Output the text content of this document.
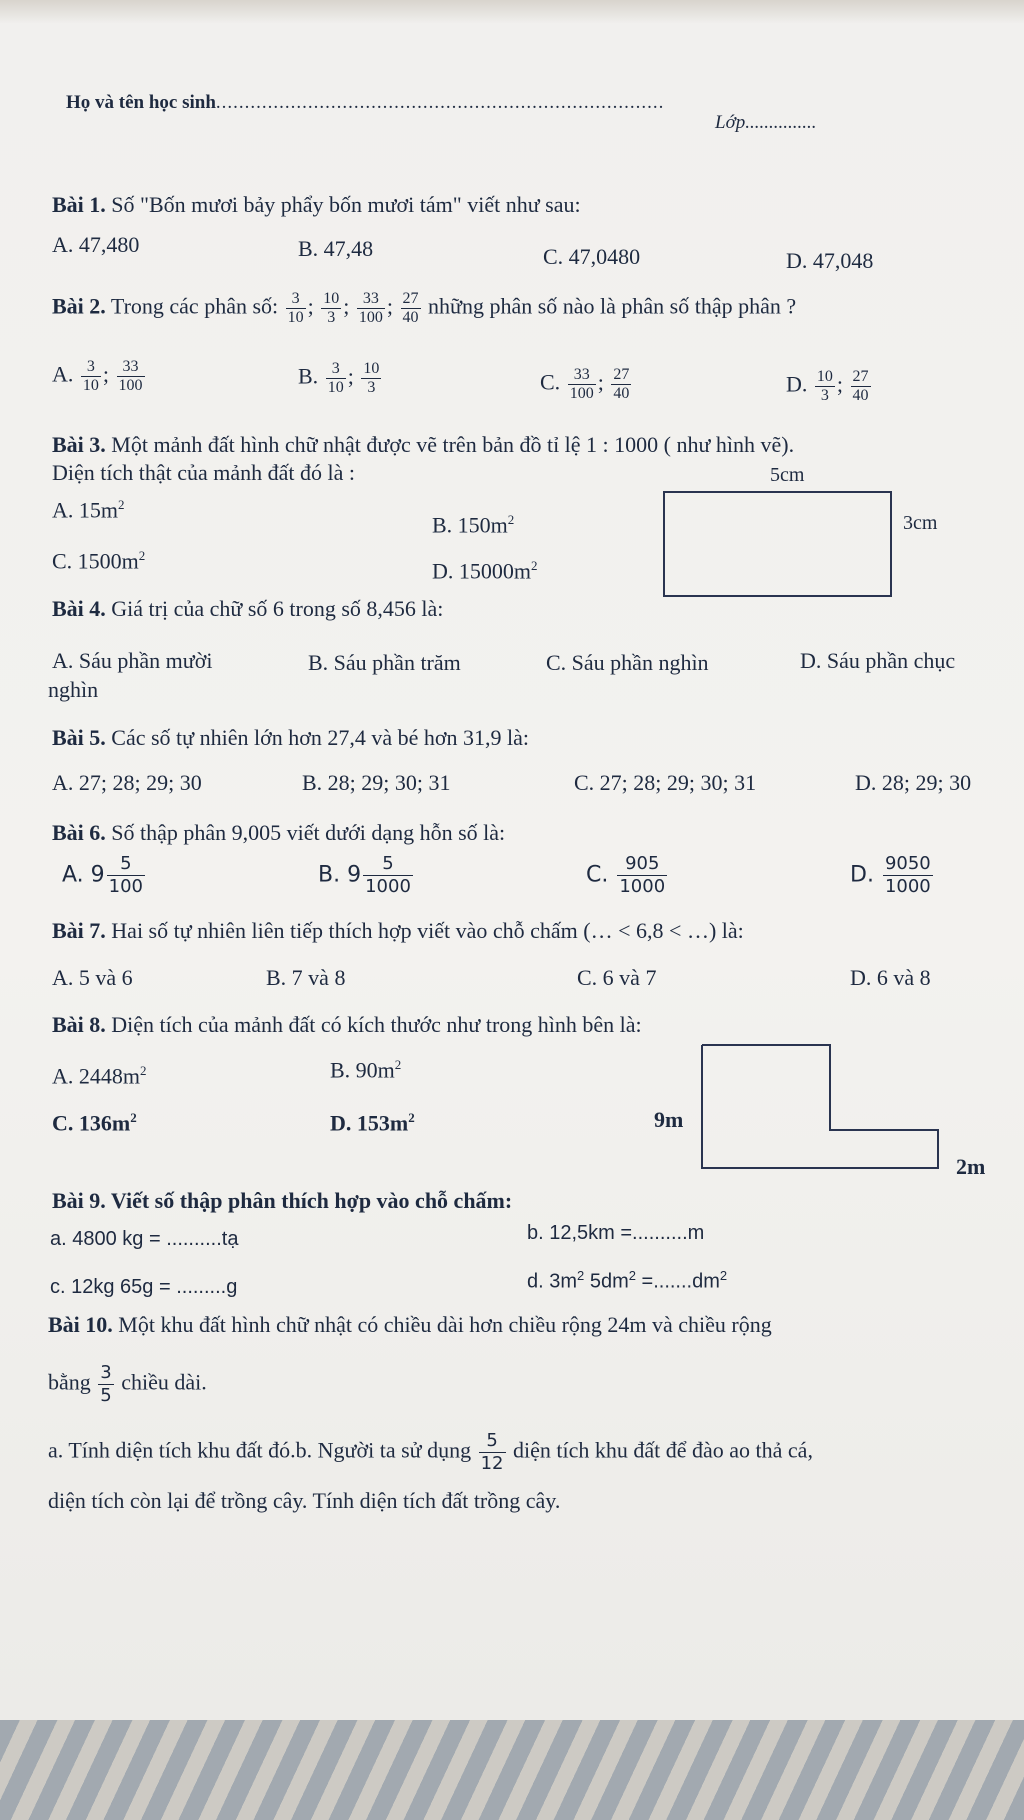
Họ và tên học sinh..............................................................................
Lớp...............
Bài 1. Số "Bốn mươi bảy phẩy bốn mươi tám" viết như sau:
A. 47,480	B. 47,48	C. 47,0480	D. 47,048
Bài 2. Trong các phân số: $\frac{3}{10}$ ; $\frac{10}{3}$ ; $\frac{33}{100}$ ; $\frac{27}{40}$ những phân số nào là phân số thập phân ?
A. $\frac{3}{10}$ ; $\frac{33}{100}$	B. $\frac{3}{10}$ ; $\frac{10}{3}$	C. $\frac{33}{100}$ ; $\frac{27}{40}$	D. $\frac{10}{3}$ ; $\frac{27}{40}$
Bài 3. Một mảnh đất hình chữ nhật được vẽ trên bản đồ tỉ lệ 1 : 1000 ( như hình vẽ).
Diện tích thật của mảnh đất đó là :
A. $15m^2$
B. $150m^2$
C. $1500m^2$
D. $15000m^2$
5cm
3cm
Bài 4. Giá trị của chữ số 6 trong số 8,456 là:
A. Sáu phần mười	B. Sáu phần trăm	C. Sáu phần nghìn	D. Sáu phần chục
nghìn
Bài 5. Các số tự nhiên lớn hơn 27,4 và bé hơn 31,9 là:
A. 27; 28; 29; 30	B. 28; 29; 30; 31	C. 27; 28; 29; 30; 31	D. 28; 29; 30
Bài 6. Số thập phân 9,005 viết dưới dạng hỗn số là:
A. $9 \frac{5}{100}$	B. $9 \frac{5}{1000}$	C. $\frac{905}{1000}$	D. $\frac{9050}{1000}$
Bài 7. Hai số tự nhiên liên tiếp thích hợp viết vào chỗ chấm (… < 6,8 < …) là:
A. 5 và 6	B. 7 và 8	C. 6 và 7	D. 6 và 8
Bài 8. Diện tích của mảnh đất có kích thước như trong hình bên là:
A. $2448m^2$	B. $90m^2$
C. $136m^2$	D. $153m^2$	9m
2m
Bài 9. Viết số thập phân thích hợp vào chỗ chấm:
a. 4800 kg = ..........tạ	b. 12,5km =..........m
c. 12kg 65g = .........g	d. $3m^2$ $5dm^2 =.......dm^2$
Bài 10. Một khu đất hình chữ nhật có chiều dài hơn chiều rộng 24m và chiều rộng
bằng $\frac{3}{5}$ chiều dài.
a. Tính diện tích khu đất đó.b. Người ta sử dụng $\frac{5}{12}$ diện tích khu đất để đào ao thả cá,
diện tích còn lại để trồng cây. Tính diện tích đất trồng cây.
